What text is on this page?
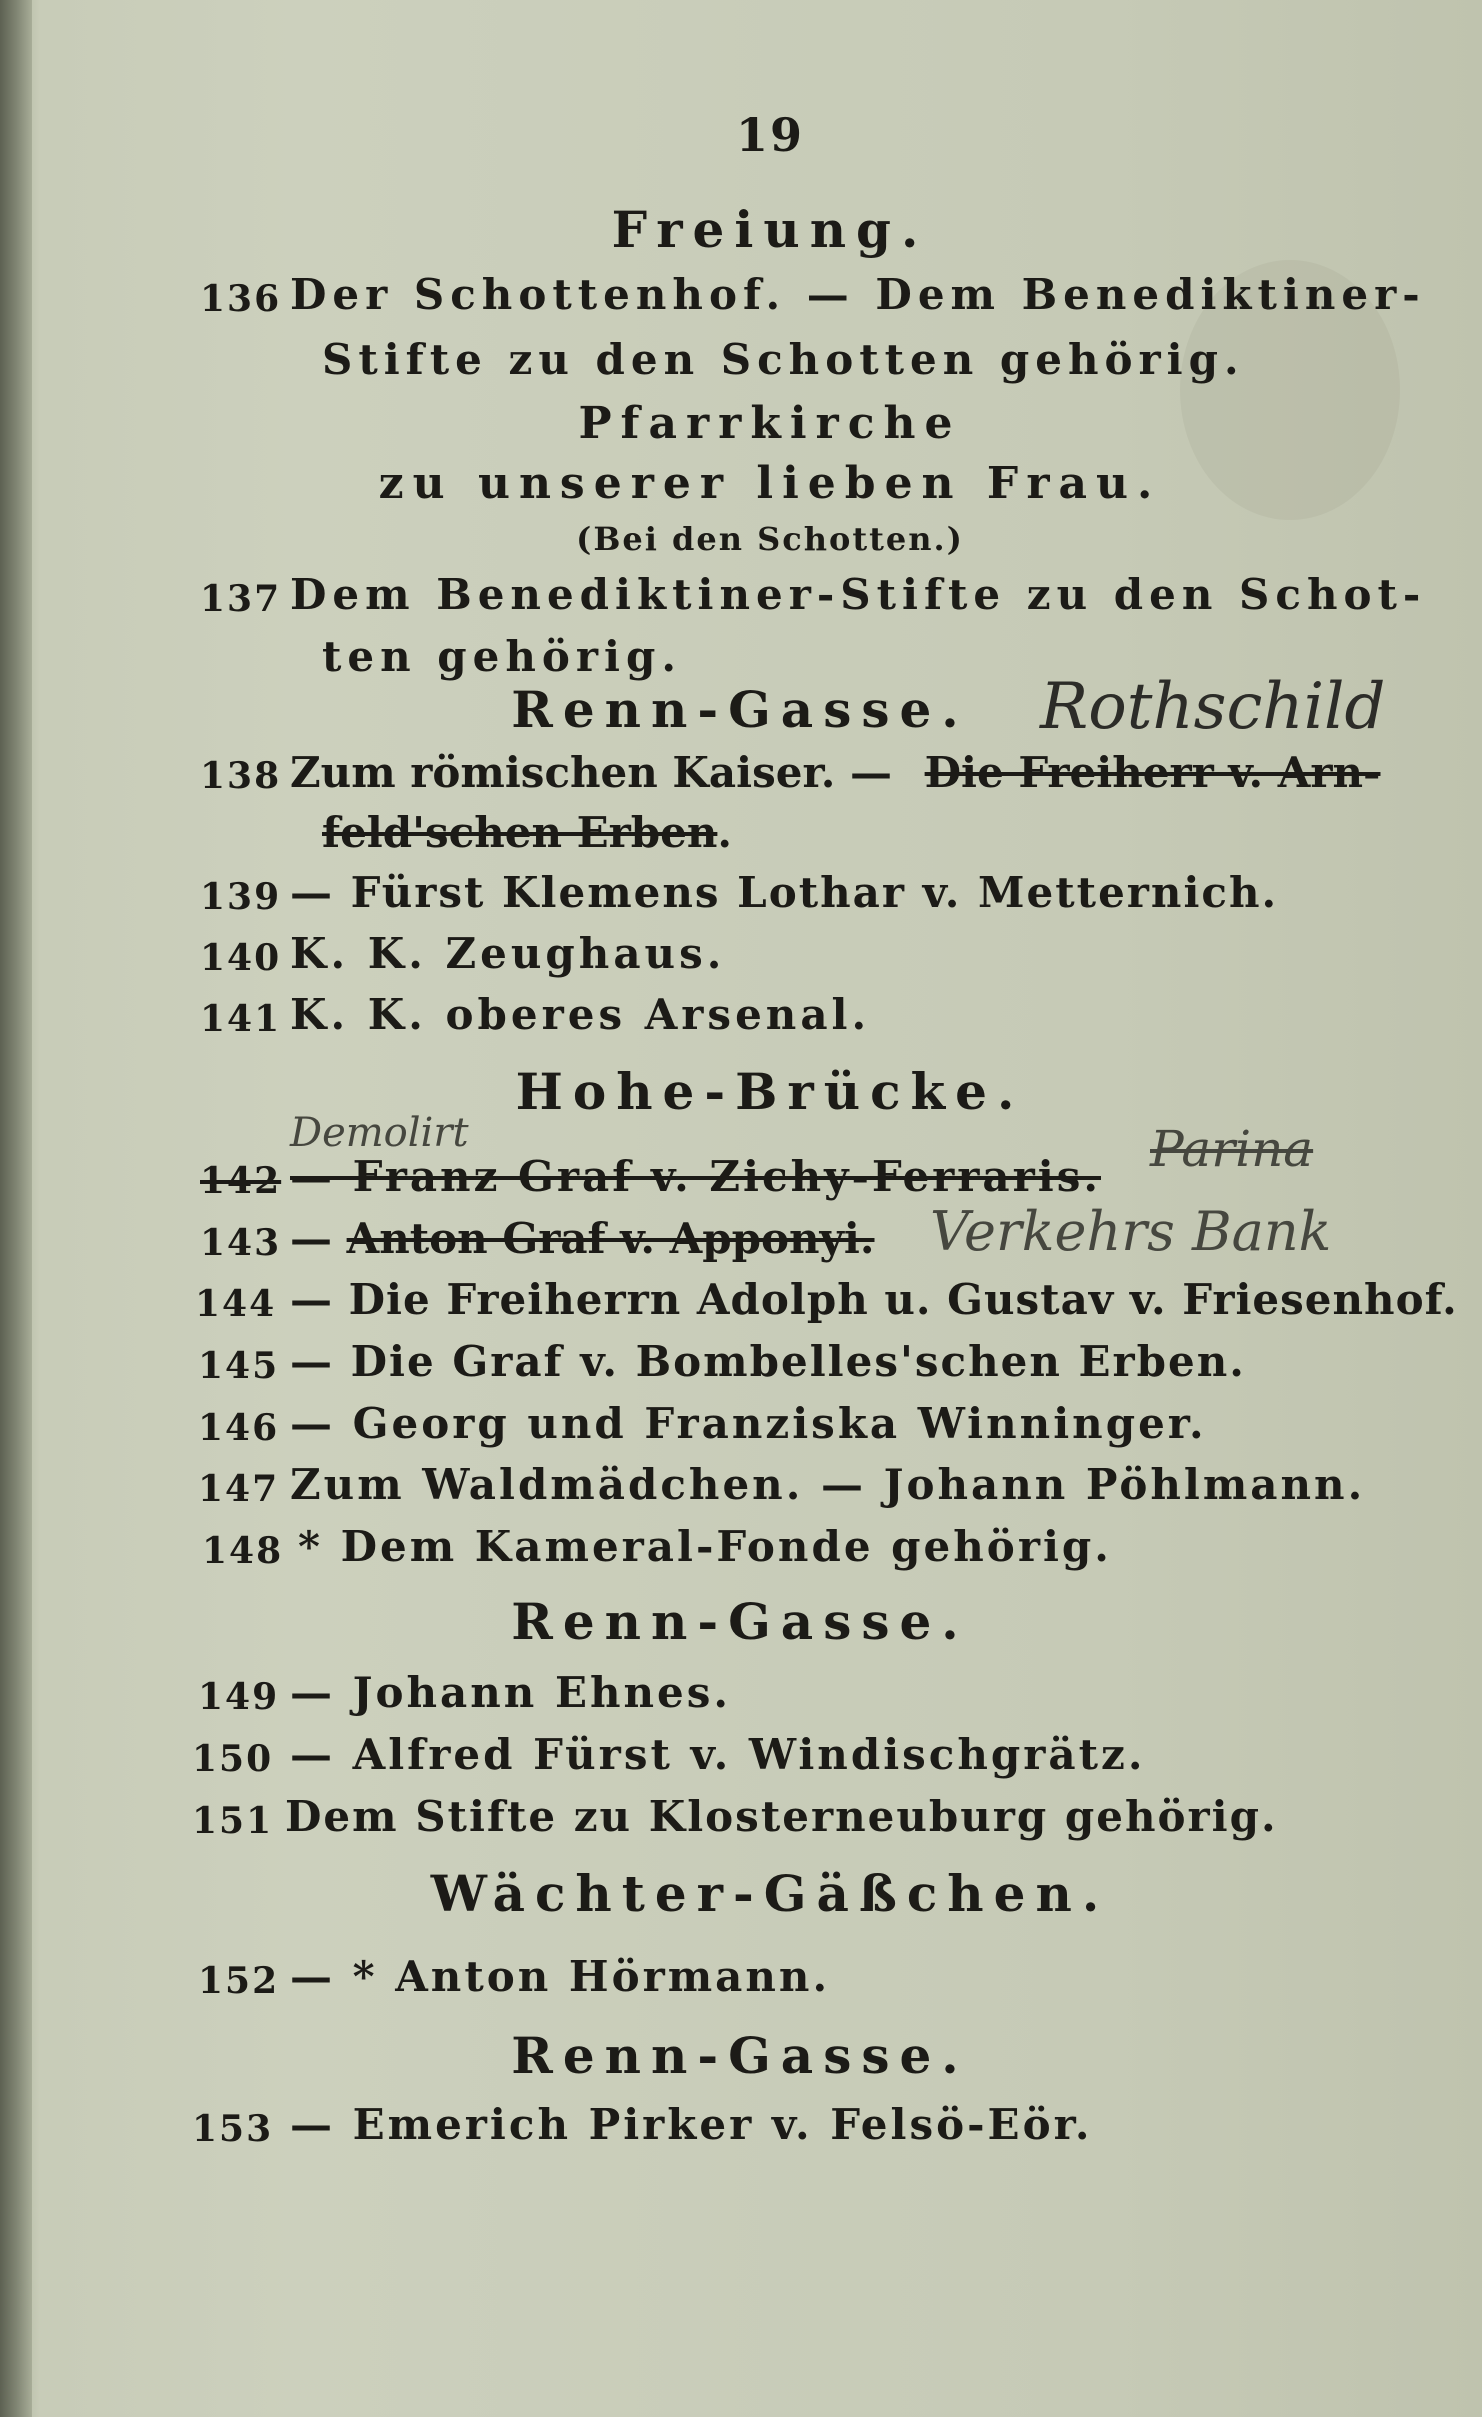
19
Freiung.
136 Der Schottenhof. — Dem Benediktiner-
Stifte zu den Schotten gehörig.
Pfarrkirche
zu unserer lieben Frau.
(Bei den Schotten.)
137 Dem Benediktiner-Stifte zu den Schot-
ten gehörig.
Renn-Gasse.	Rothschild
138 Zum römischen Kaiser. — Die Freiherr v. Arn-
feld'schen Erben.
139 — Fürst Klemens Lothar v. Metternich.
140 K. K. Zeughaus.
141 K. K. oberes Arsenal.
Hohe-Brücke.
Demolirt
142 — Franz Graf v. Zichy-Ferraris. Parina
143 — Anton Graf v. Apponyi. Verkehrs Bank
144 — Die Freiherrn Adolph u. Gustav v. Friesenhof.
145 — Die Graf v. Bombelles'schen Erben.
146 — Georg und Franziska Winninger.
147 Zum Waldmädchen. — Johann Pöhlmann.
148 * Dem Kameral-Fonde gehörig.
Renn-Gasse.
149 — Johann Ehnes.
150 — Alfred Fürst v. Windischgrätz.
151 Dem Stifte zu Klosterneuburg gehörig.
Wächter-Gäßchen.
152 — * Anton Hörmann.
Renn-Gasse.
153 — Emerich Pirker v. Felsö-Eör.
